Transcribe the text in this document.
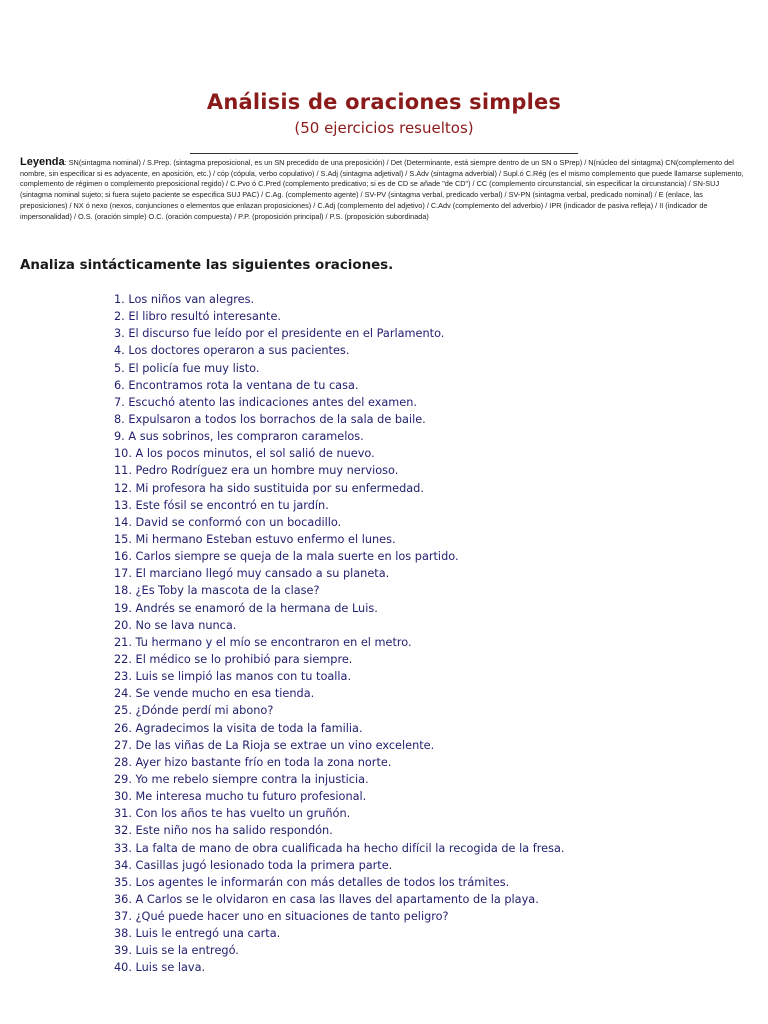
Análisis de oraciones simples
(50 ejercicios resueltos)
Leyenda: SN(sintagma nominal) / S.Prep. (sintagma preposicional, es un SN precedido de una preposición) / Det (Determinante, está siempre dentro de un SN o SPrep) / N(núcleo del sintagma) CN(complemento del nombre, sin especificar si es adyacente, en aposición, etc.) / cóp (cópula, verbo copulativo) / S.Adj (sintagma adjetival) / S.Adv (sintagma adverbial) / Supl.ó C.Rég (es el mismo complemento que puede llamarse suplemento, complemento de régimen o complemento preposicional regido) / C.Pvo ó C.Pred (complemento predicativo; si es de CD se añade "de CD") / CC (complemento circunstancial, sin especificar la circunstancia) / SN-SUJ (sintagma nominal sujeto; si fuera sujeto paciente se especifica SUJ PAC) / C.Ag. (complemento agente) / SV-PV (sintagma verbal, predicado verbal) / SV-PN (sintagma verbal, predicado nominal) / E (enlace, las preposiciones) / NX ó nexo (nexos, conjunciones o elementos que enlazan proposiciones) / C.Adj (complemento del adjetivo) / C.Adv (complemento del adverbio) / IPR (indicador de pasiva refleja) / II (indicador de impersonalidad) / O.S. (oración simple) O.C. (oración compuesta) / P.P. (proposición principal) / P.S. (proposición subordinada)
Analiza sintácticamente las siguientes oraciones.
1. Los niños van alegres.
2. El libro resultó interesante.
3. El discurso fue leído por el presidente en el Parlamento.
4. Los doctores operaron a sus pacientes.
5. El policía fue muy listo.
6. Encontramos rota la ventana de tu casa.
7. Escuchó atento las indicaciones antes del examen.
8. Expulsaron a todos los borrachos de la sala de baile.
9. A sus sobrinos, les compraron caramelos.
10. A los pocos minutos, el sol salió de nuevo.
11. Pedro Rodríguez era un hombre muy nervioso.
12. Mi profesora ha sido sustituida por su enfermedad.
13. Este fósil se encontró en tu jardín.
14. David se conformó con un bocadillo.
15. Mi hermano Esteban estuvo enfermo el lunes.
16. Carlos siempre se queja de la mala suerte en los partido.
17. El marciano llegó muy cansado a su planeta.
18. ¿Es Toby la mascota de la clase?
19. Andrés se enamoró de la hermana de Luis.
20. No se lava nunca.
21. Tu hermano y el mío se encontraron en el metro.
22. El médico se lo prohibió para siempre.
23. Luis se limpió las manos con tu toalla.
24. Se vende mucho en esa tienda.
25. ¿Dónde perdí mi abono?
26. Agradecimos la visita de toda la familia.
27. De las viñas de La Rioja se extrae un vino excelente.
28. Ayer hizo bastante frío en toda la zona norte.
29. Yo me rebelo siempre contra la injusticia.
30. Me interesa mucho tu futuro profesional.
31. Con los años te has vuelto un gruñón.
32. Este niño nos ha salido respondón.
33. La falta de mano de obra cualificada ha hecho difícil la recogida de la fresa.
34. Casillas jugó lesionado toda la primera parte.
35. Los agentes le informarán con más detalles de todos los trámites.
36. A Carlos se le olvidaron en casa las llaves del apartamento de la playa.
37. ¿Qué puede hacer uno en situaciones de tanto peligro?
38. Luis le entregó una carta.
39. Luis se la entregó.
40. Luis se lava.
